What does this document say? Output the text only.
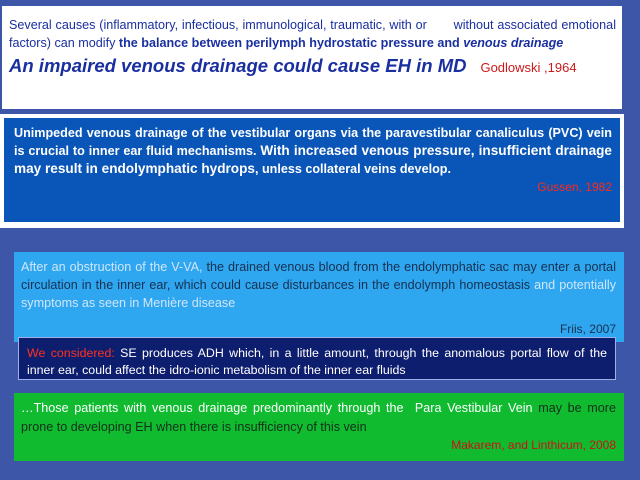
Several causes (inflammatory, infectious, immunological, traumatic, with or       without associated emotional factors) can modify the balance between perilymph hydrostatic pressure and venous drainage

An impaired venous drainage could cause EH in MD Godlowski ,1964

Unimpeded venous drainage of the vestibular organs via the paravestibular canaliculus (PVC) vein is crucial to inner ear fluid mechanisms. With increased venous pressure, insufficient drainage may result in endolymphatic hydrops, unless collateral veins develop.

Gussen, 1982

After an obstruction of the V-VA, the drained venous blood from the endolymphatic sac may enter a portal circulation in the inner ear, which could cause disturbances in the endolymph homeostasis and potentially symptoms as seen in Menière disease

Friis, 2007

We considered: SE produces ADH which, in a little amount, through the anomalous portal flow of the inner ear, could affect the idro-ionic metabolism of the inner ear fluids

…Those patients with venous drainage predominantly through the  Para Vestibular Vein may be more prone to developing EH when there is insufficiency of this vein

Makarem, and Linthicum, 2008
